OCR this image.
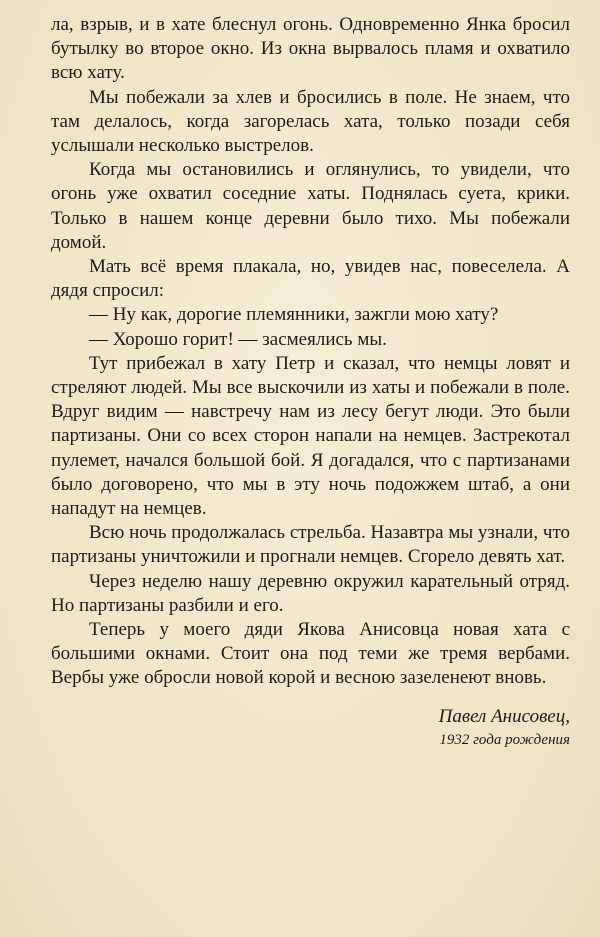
ла, взрыв, и в хате блеснул огонь. Одновременно Янка бросил бутылку во второе окно. Из окна вырвалось пламя и охватило всю хату.

Мы побежали за хлев и бросились в поле. Не знаем, что там делалось, когда загорелась хата, только позади себя услышали несколько выстрелов.

Когда мы остановились и оглянулись, то увидели, что огонь уже охватил соседние хаты. Поднялась суета, крики. Только в нашем конце деревни было тихо. Мы побежали домой.

Мать всё время плакала, но, увидев нас, повеселела. А дядя спросил:

— Ну как, дорогие племянники, зажгли мою хату?

— Хорошо горит! — засмеялись мы.

Тут прибежал в хату Петр и сказал, что немцы ловят и стреляют людей. Мы все выскочили из хаты и побежали в поле. Вдруг видим — навстречу нам из лесу бегут люди. Это были партизаны. Они со всех сторон напали на немцев. Застрекотал пулемет, начался большой бой. Я догадался, что с партизанами было договорено, что мы в эту ночь подожжем штаб, а они нападут на немцев.

Всю ночь продолжалась стрельба. Назавтра мы узнали, что партизаны уничтожили и прогнали немцев. Сгорело девять хат.

Через неделю нашу деревню окружил карательный отряд. Но партизаны разбили и его.

Теперь у моего дяди Якова Анисовца новая хата с большими окнами. Стоит она под теми же тремя вербами. Вербы уже обросли новой корой и весною зазеленеют вновь.

Павел Анисовец,
1932 года рождения
